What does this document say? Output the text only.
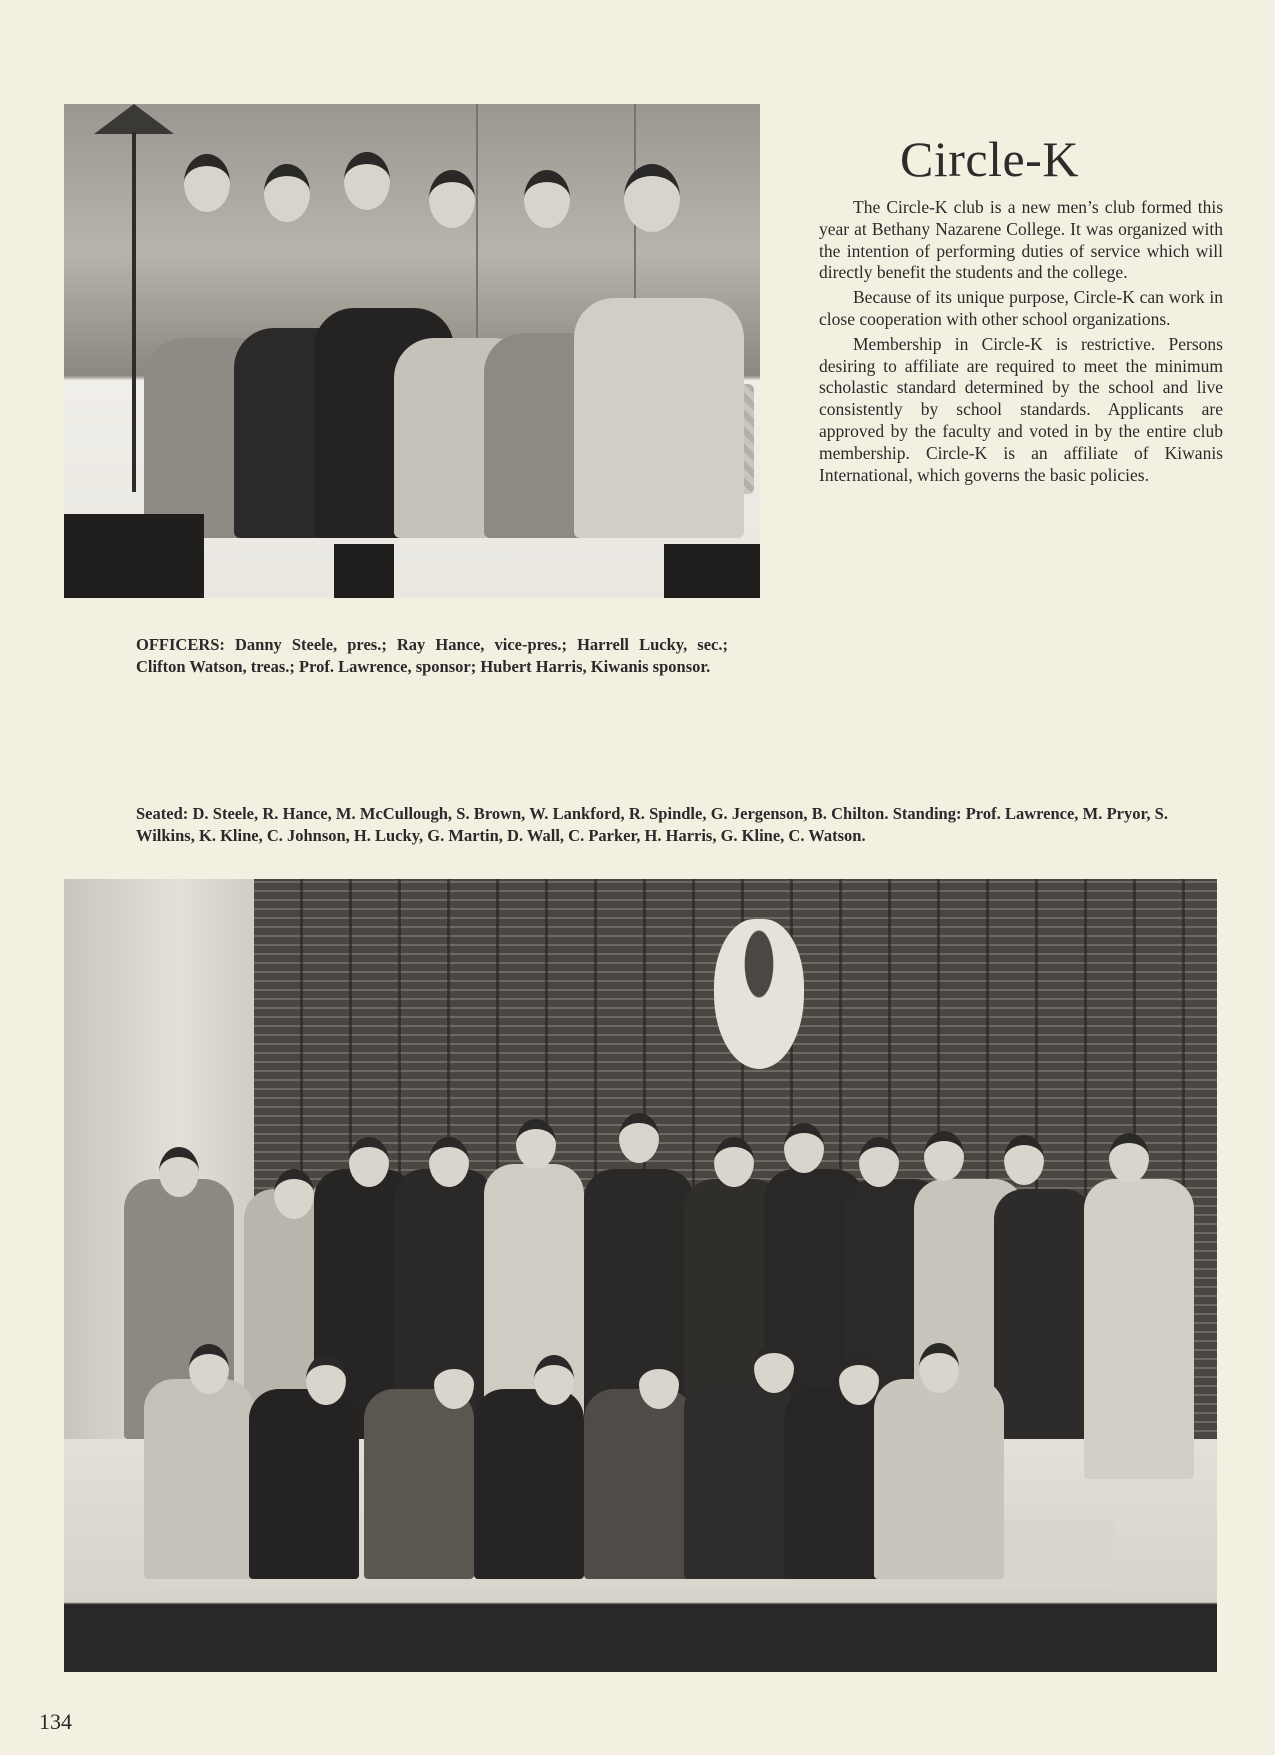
Circle-K

The Circle-K club is a new men’s club formed this year at Bethany Nazarene College. It was organized with the intention of performing duties of service which will directly benefit the students and the college.

Because of its unique purpose, Circle-K can work in close cooperation with other school organizations.

Membership in Circle-K is restrictive. Persons desiring to affiliate are required to meet the minimum scholastic standard determined by the school and live consistently by school standards. Applicants are approved by the faculty and voted in by the entire club membership. Circle-K is an affiliate of Kiwanis International, which governs the basic policies.

OFFICERS: Danny Steele, pres.; Ray Hance, vice-pres.; Harrell Lucky, sec.; Clifton Watson, treas.; Prof. Lawrence, sponsor; Hubert Harris, Kiwanis sponsor.
Seated: D. Steele, R. Hance, M. McCullough, S. Brown, W. Lankford, R. Spindle, G. Jergenson, B. Chilton. Standing: Prof. Lawrence, M. Pryor, S. Wilkins, K. Kline, C. Johnson, H. Lucky, G. Martin, D. Wall, C. Parker, H. Harris, G. Kline, C. Watson.
134
